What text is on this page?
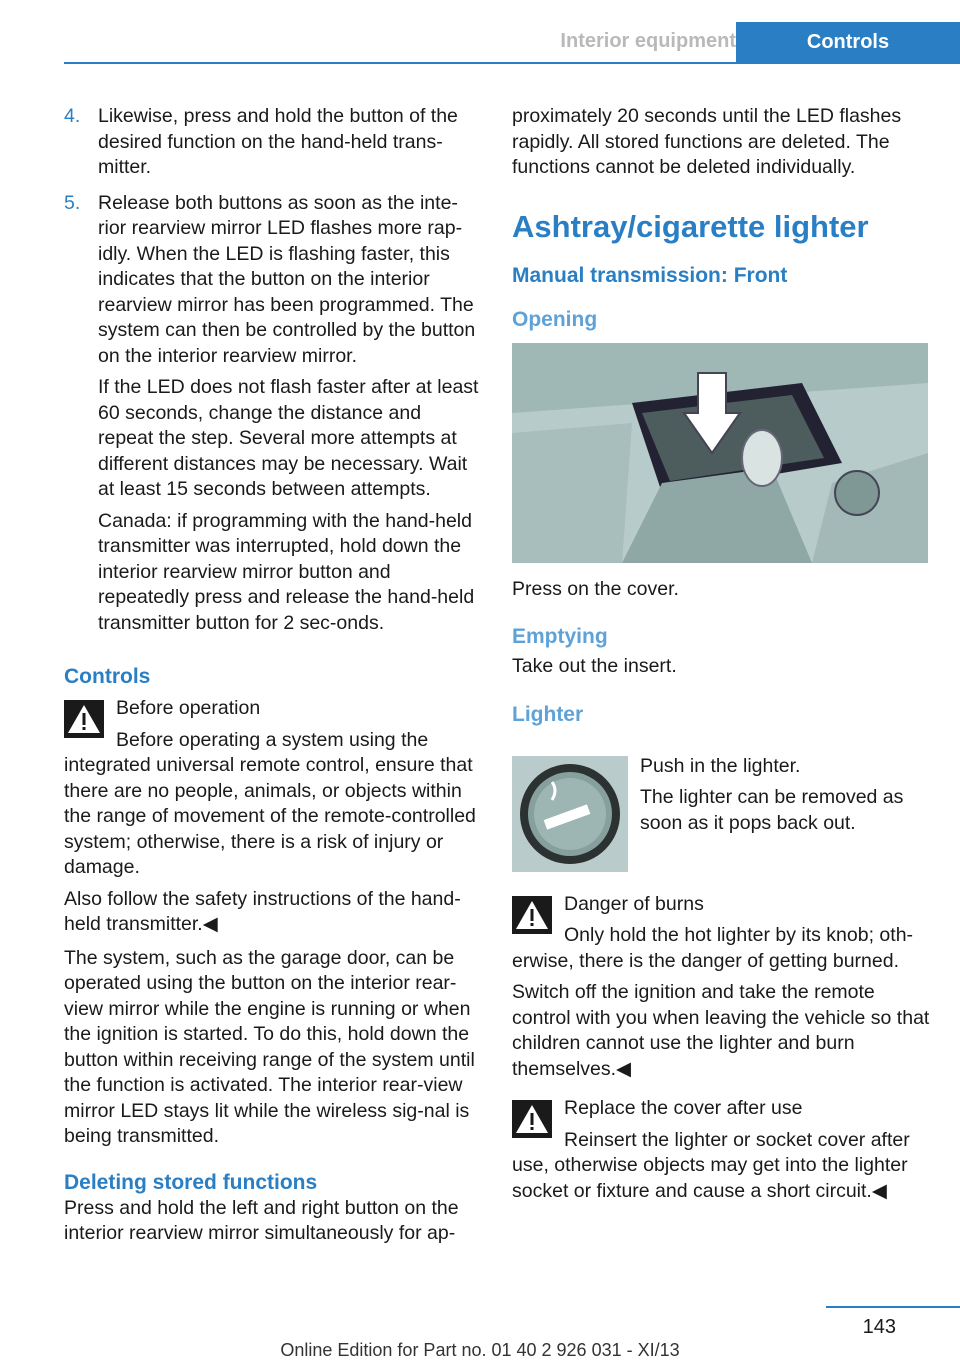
Interior equipment	Controls
4. Likewise, press and hold the button of the desired function on the hand-held trans‐mitter.

5. Release both buttons as soon as the inte‐rior rearview mirror LED flashes more rap‐idly. When the LED is flashing faster, this indicates that the button on the interior rearview mirror has been programmed. The system can then be controlled by the button on the interior rearview mirror.

If the LED does not flash faster after at least 60 seconds, change the distance and repeat the step. Several more attempts at different distances may be necessary. Wait at least 15 seconds between attempts.

Canada: if programming with the hand‐held transmitter was interrupted, hold down the interior rearview mirror button and repeatedly press and release the hand-held transmitter button for 2 sec‐onds.

Controls

Before operation

Before operating a system using the

integrated universal remote control, ensure that there are no people, animals, or objects within the range of movement of the remote-controlled system; otherwise, there is a risk of injury or damage.

Also follow the safety instructions of the hand-held transmitter.◀

The system, such as the garage door, can be operated using the button on the interior rear‐view mirror while the engine is running or when the ignition is started. To do this, hold down the button within receiving range of the system until the function is activated. The interior rear‐view mirror LED stays lit while the wireless sig‐nal is being transmitted.

Deleting stored functions

Press and hold the left and right button on the interior rearview mirror simultaneously for ap‐

proximately 20 seconds until the LED flashes rapidly. All stored functions are deleted. The functions cannot be deleted individually.

Ashtray/cigarette lighter
Manual transmission: Front
Opening

Press on the cover.

Emptying

Take out the insert.

Lighter

Push in the lighter.

The lighter can be removed as soon as it pops back out.

Danger of burns

Only hold the hot lighter by its knob; oth‐

erwise, there is the danger of getting burned.

Switch off the ignition and take the remote control with you when leaving the vehicle so that children cannot use the lighter and burn themselves.◀

Replace the cover after use

Reinsert the lighter or socket cover after

use, otherwise objects may get into the lighter socket or fixture and cause a short circuit.◀

143
Online Edition for Part no. 01 40 2 926 031 - XI/13
